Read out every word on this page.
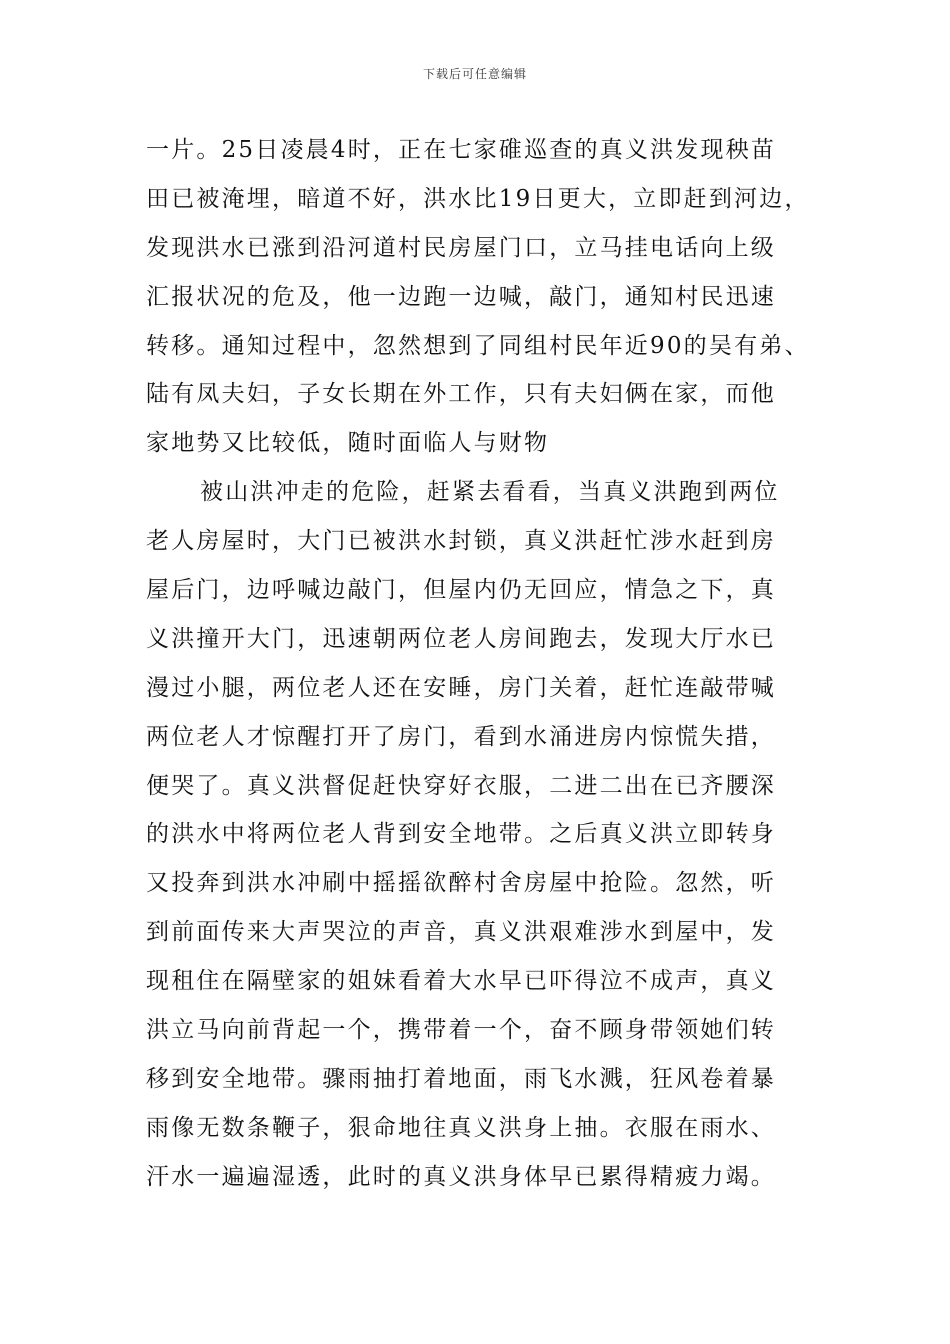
下载后可任意编辑
一片。25日凌晨4时，正在七家碓巡查的真义洪发现秧苗
田已被淹埋，暗道不好，洪水比19日更大，立即赶到河边，
发现洪水已涨到沿河道村民房屋门口，立马挂电话向上级
汇报状况的危及，他一边跑一边喊，敲门，通知村民迅速
转移。通知过程中，忽然想到了同组村民年近90的吴有弟、
陆有凤夫妇，子女长期在外工作，只有夫妇俩在家，而他
家地势又比较低，随时面临人与财物
被山洪冲走的危险，赶紧去看看，当真义洪跑到两位
老人房屋时，大门已被洪水封锁，真义洪赶忙涉水赶到房
屋后门，边呼喊边敲门，但屋内仍无回应，情急之下，真
义洪撞开大门，迅速朝两位老人房间跑去，发现大厅水已
漫过小腿，两位老人还在安睡，房门关着，赶忙连敲带喊
两位老人才惊醒打开了房门，看到水涌进房内惊慌失措，
便哭了。真义洪督促赶快穿好衣服，二进二出在已齐腰深
的洪水中将两位老人背到安全地带。之后真义洪立即转身
又投奔到洪水冲刷中摇摇欲醉村舍房屋中抢险。忽然，听
到前面传来大声哭泣的声音，真义洪艰难涉水到屋中，发
现租住在隔壁家的姐妹看着大水早已吓得泣不成声，真义
洪立马向前背起一个，携带着一个，奋不顾身带领她们转
移到安全地带。骤雨抽打着地面，雨飞水溅，狂风卷着暴
雨像无数条鞭子，狠命地往真义洪身上抽。衣服在雨水、
汗水一遍遍湿透，此时的真义洪身体早已累得精疲力竭。
